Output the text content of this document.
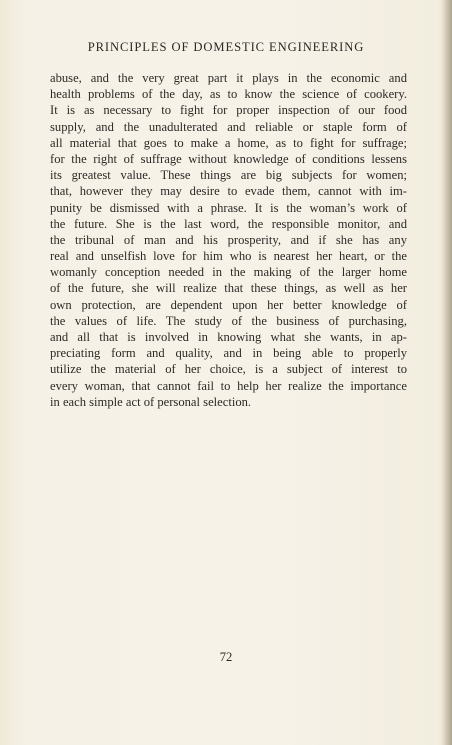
PRINCIPLES OF DOMESTIC ENGINEERING
abuse, and the very great part it plays in the economic and
health problems of the day, as to know the science of cookery.
It is as necessary to fight for proper inspection of our food
supply, and the unadulterated and reliable or staple form of
all material that goes to make a home, as to fight for suffrage;
for the right of suffrage without knowledge of conditions lessens
its greatest value. These things are big subjects for women;
that, however they may desire to evade them, cannot with im-
punity be dismissed with a phrase. It is the woman’s work of
the future. She is the last word, the responsible monitor, and
the tribunal of man and his prosperity, and if she has any
real and unselfish love for him who is nearest her heart, or the
womanly conception needed in the making of the larger home
of the future, she will realize that these things, as well as her
own protection, are dependent upon her better knowledge of
the values of life. The study of the business of purchasing,
and all that is involved in knowing what she wants, in ap-
preciating form and quality, and in being able to properly
utilize the material of her choice, is a subject of interest to
every woman, that cannot fail to help her realize the importance
in each simple act of personal selection.
72
